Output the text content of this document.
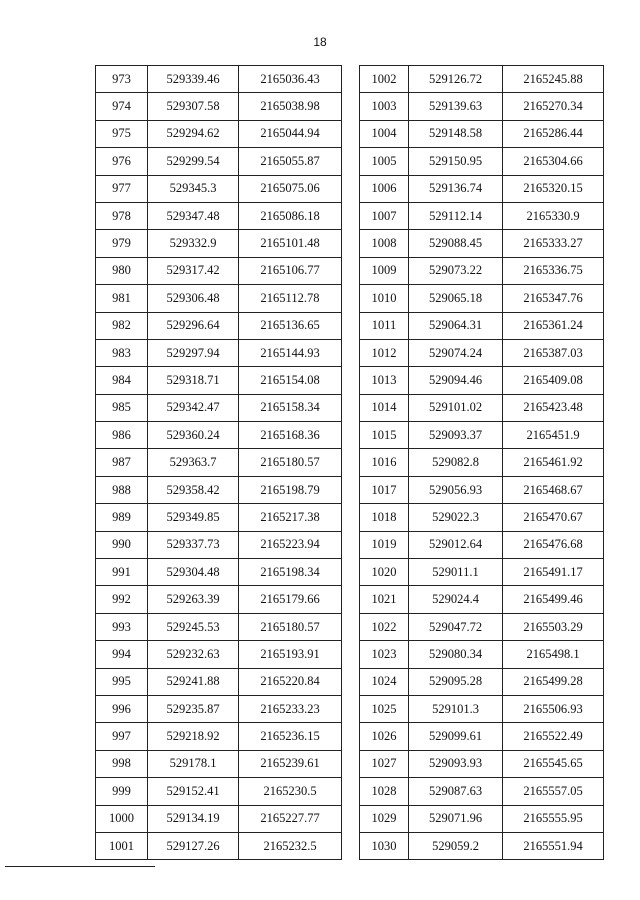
18
973	529339.46	2165036.43
974	529307.58	2165038.98
975	529294.62	2165044.94
976	529299.54	2165055.87
977	529345.3	2165075.06
978	529347.48	2165086.18
979	529332.9	2165101.48
980	529317.42	2165106.77
981	529306.48	2165112.78
982	529296.64	2165136.65
983	529297.94	2165144.93
984	529318.71	2165154.08
985	529342.47	2165158.34
986	529360.24	2165168.36
987	529363.7	2165180.57
988	529358.42	2165198.79
989	529349.85	2165217.38
990	529337.73	2165223.94
991	529304.48	2165198.34
992	529263.39	2165179.66
993	529245.53	2165180.57
994	529232.63	2165193.91
995	529241.88	2165220.84
996	529235.87	2165233.23
997	529218.92	2165236.15
998	529178.1	2165239.61
999	529152.41	2165230.5
1000	529134.19	2165227.77
1001	529127.26	2165232.5
1002	529126.72	2165245.88
1003	529139.63	2165270.34
1004	529148.58	2165286.44
1005	529150.95	2165304.66
1006	529136.74	2165320.15
1007	529112.14	2165330.9
1008	529088.45	2165333.27
1009	529073.22	2165336.75
1010	529065.18	2165347.76
1011	529064.31	2165361.24
1012	529074.24	2165387.03
1013	529094.46	2165409.08
1014	529101.02	2165423.48
1015	529093.37	2165451.9
1016	529082.8	2165461.92
1017	529056.93	2165468.67
1018	529022.3	2165470.67
1019	529012.64	2165476.68
1020	529011.1	2165491.17
1021	529024.4	2165499.46
1022	529047.72	2165503.29
1023	529080.34	2165498.1
1024	529095.28	2165499.28
1025	529101.3	2165506.93
1026	529099.61	2165522.49
1027	529093.93	2165545.65
1028	529087.63	2165557.05
1029	529071.96	2165555.95
1030	529059.2	2165551.94
